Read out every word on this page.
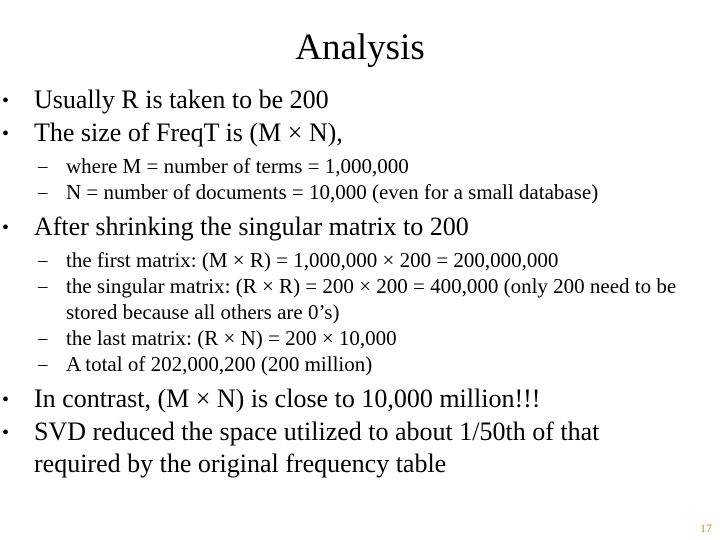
Analysis
• Usually R is taken to be 200
• The size of FreqT is (M × N),
– where M = number of terms = 1,000,000
– N = number of documents = 10,000 (even for a small database)
• After shrinking the singular matrix to 200
– the first matrix: (M × R) = 1,000,000 × 200 = 200,000,000
– the singular matrix: (R × R) = 200 × 200 = 400,000 (only 200 need to be stored because all others are 0’s)
– the last matrix: (R × N) = 200 × 10,000
– A total of 202,000,200 (200 million)
• In contrast, (M × N) is close to 10,000 million!!!
• SVD reduced the space utilized to about 1/50th of that required by the original frequency table
17
